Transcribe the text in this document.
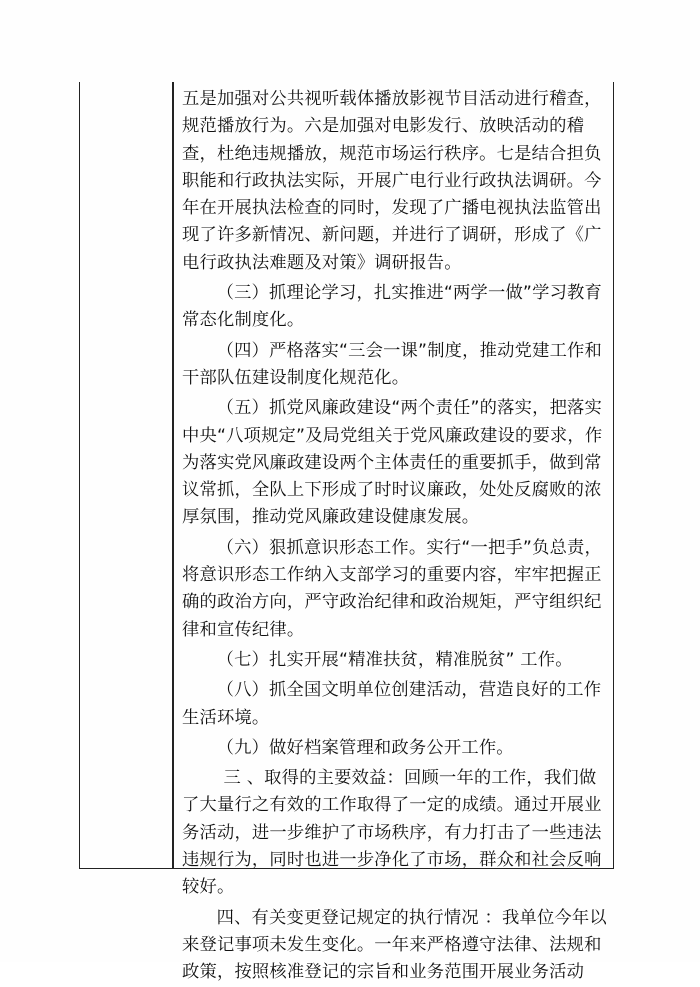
五是加强对公共视听载体播放影视节目活动进行稽查，规范播放行为。六是加强对电影发行、放映活动的稽查，杜绝违规播放，规范市场运行秩序。七是结合担负职能和行政执法实际，开展广电行业行政执法调研。今年在开展执法检查的同时，发现了广播电视执法监管出现了许多新情况、新问题，并进行了调研，形成了《广电行政执法难题及对策》调研报告。

（三）抓理论学习，扎实推进“两学一做”学习教育常态化制度化。

（四）严格落实“三会一课”制度，推动党建工作和干部队伍建设制度化规范化。

（五）抓党风廉政建设“两个责任”的落实，把落实中央“八项规定”及局党组关于党风廉政建设的要求，作为落实党风廉政建设两个主体责任的重要抓手，做到常议常抓，全队上下形成了时时议廉政，处处反腐败的浓厚氛围，推动党风廉政建设健康发展。

（六）狠抓意识形态工作。实行“一把手”负总责，将意识形态工作纳入支部学习的重要内容，牢牢把握正确的政治方向，严守政治纪律和政治规矩，严守组织纪律和宣传纪律。

（七）扎实开展“精准扶贫，精准脱贫” 工作。

（八）抓全国文明单位创建活动，营造良好的工作生活环境。

（九）做好档案管理和政务公开工作。

三 、取得的主要效益：回顾一年的工作，我们做了大量行之有效的工作取得了一定的成绩。通过开展业务活动，进一步维护了市场秩序，有力打击了一些违法违规行为，同时也进一步净化了市场，群众和社会反响较好。

四、有关变更登记规定的执行情况 ：我单位今年以来登记事项未发生变化。一年来严格遵守法律、法规和政策，按照核准登记的宗旨和业务范围开展业务活动
